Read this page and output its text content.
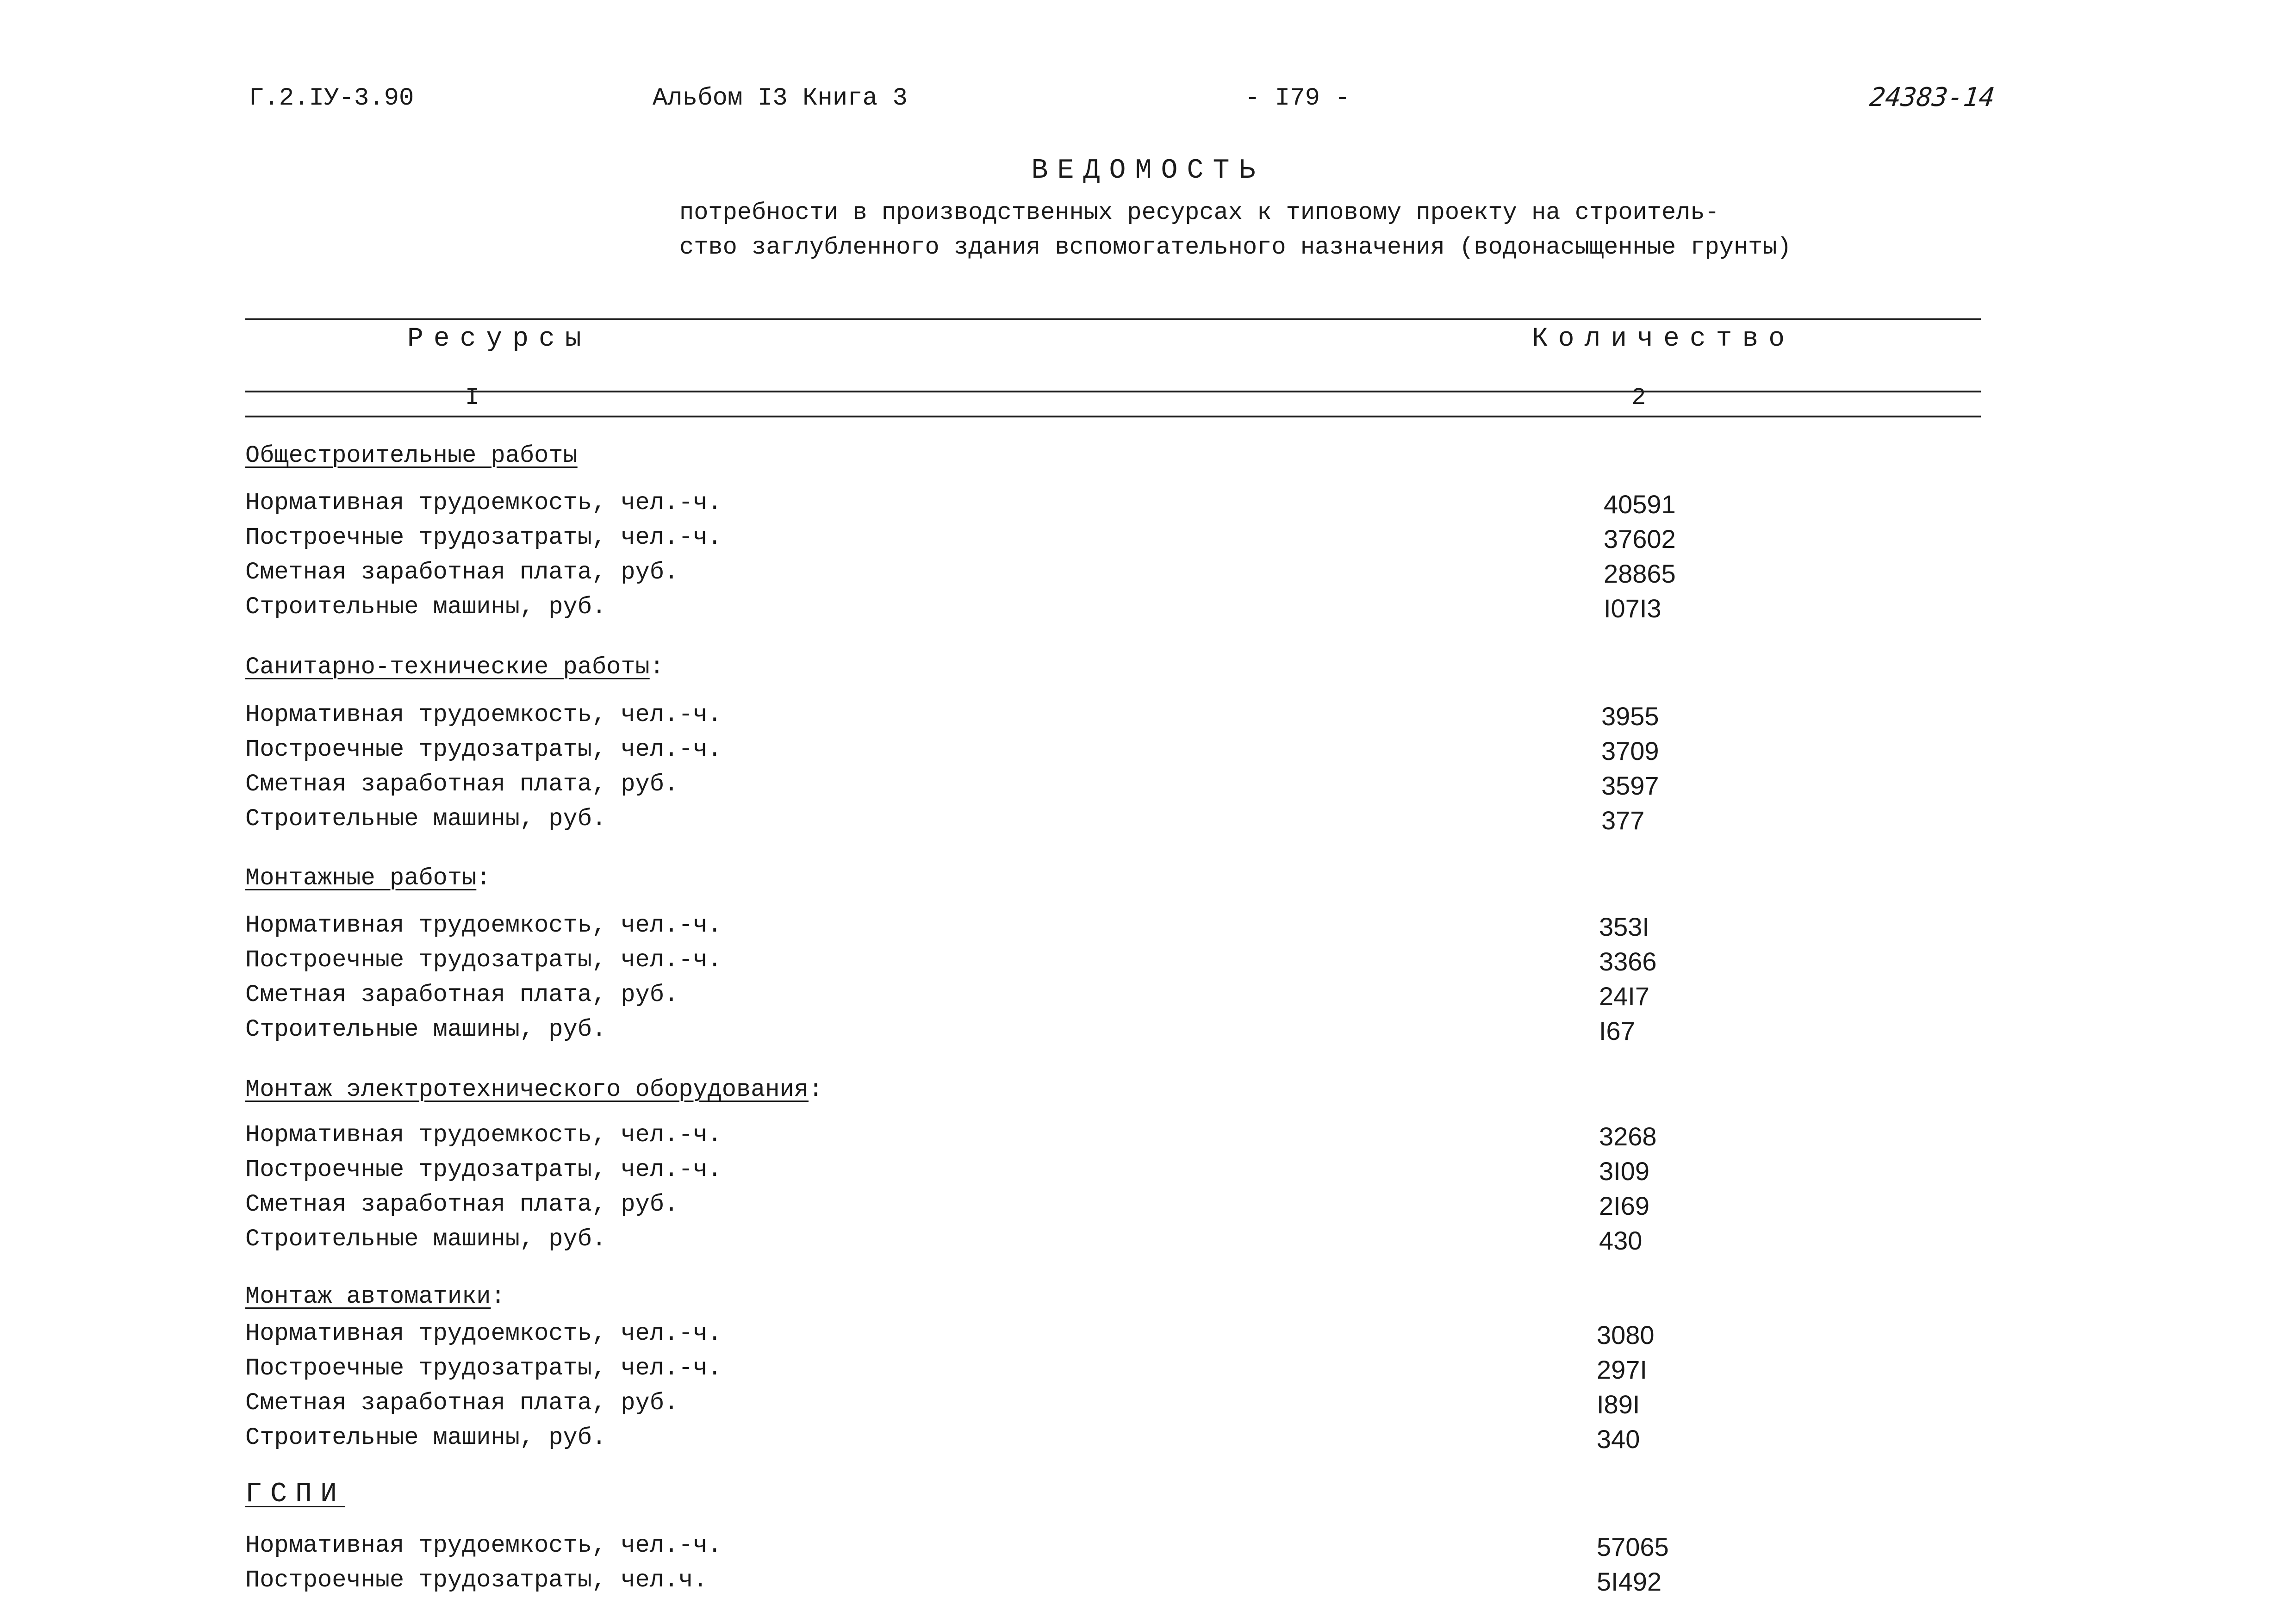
Г.2.IУ-3.90	Альбом I3 Книга 3	- I79 -	24383-14
ВЕДОМОСТЬ
потребности в производственных ресурсах к типовому проекту на строитель-
ство заглубленного здания вспомогательного назначения (водонасыщенные грунты)
Ресурсы	Количество
I	2
Общестроительные работы
Нормативная трудоемкость, чел.-ч.	40591
Построечные трудозатраты, чел.-ч.	37602
Сметная заработная плата, руб.	28865
Строительные машины, руб.	I07I3
Санитарно-технические работы:
Нормативная трудоемкость, чел.-ч.	3955
Построечные трудозатраты, чел.-ч.	3709
Сметная заработная плата, руб.	3597
Строительные машины, руб.	377
Монтажные работы:
Нормативная трудоемкость, чел.-ч.	353I
Построечные трудозатраты, чел.-ч.	3366
Сметная заработная плата, руб.	24I7
Строительные машины, руб.	I67
Монтаж электротехнического оборудования:
Нормативная трудоемкость, чел.-ч.	3268
Построечные трудозатраты, чел.-ч.	3I09
Сметная заработная плата, руб.	2I69
Строительные машины, руб.	430
Монтаж автоматики:
Нормативная трудоемкость, чел.-ч.	3080
Построечные трудозатраты, чел.-ч.	297I
Сметная заработная плата, руб.	I89I
Строительные машины, руб.	340
ГСПИ
Нормативная трудоемкость, чел.-ч.	57065
Построечные трудозатраты, чел.ч.	5I492
